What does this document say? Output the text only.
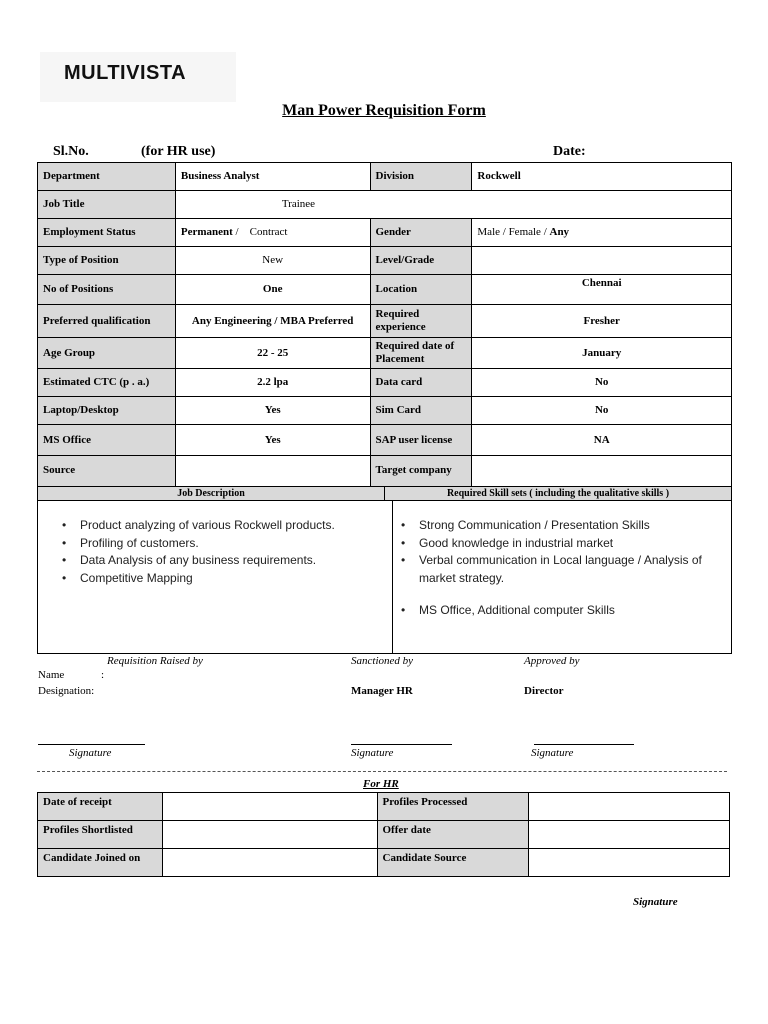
MULTIVISTA
Man Power Requisition Form
Sl.No.	(for HR use)	Date:
Department	Business Analyst	Division	Rockwell
Job Title	Trainee		
Employment Status	Permanent /    Contract	Gender	Male / Female / Any
Type of Position	New	Level/Grade	
No of Positions	One	Location	Chennai
Preferred qualification	Any Engineering / MBA Preferred	Required experience	Fresher
Age Group	22 - 25	Required date of Placement	January
Estimated CTC (p . a.)	2.2 lpa	Data card	No
Laptop/Desktop	Yes	Sim Card	No
MS Office	Yes	SAP user license	NA
Source		Target company	
Job Description	Required Skill sets ( including the qualitative skills )
• Product analyzing of various Rockwell products.
• Profiling of customers.
• Data Analysis of any business requirements.
• Competitive Mapping
• Strong Communication / Presentation Skills
• Good knowledge in industrial market
• Verbal communication in Local language / Analysis of market strategy.
• MS Office, Additional computer Skills
Requisition Raised by	Sanctioned by	Approved by
Name	:
Designation:	Manager HR	Director
Signature	Signature	Signature
For HR
Date of receipt		Profiles Processed	
Profiles Shortlisted		Offer date	
Candidate Joined on		Candidate Source	
Signature
